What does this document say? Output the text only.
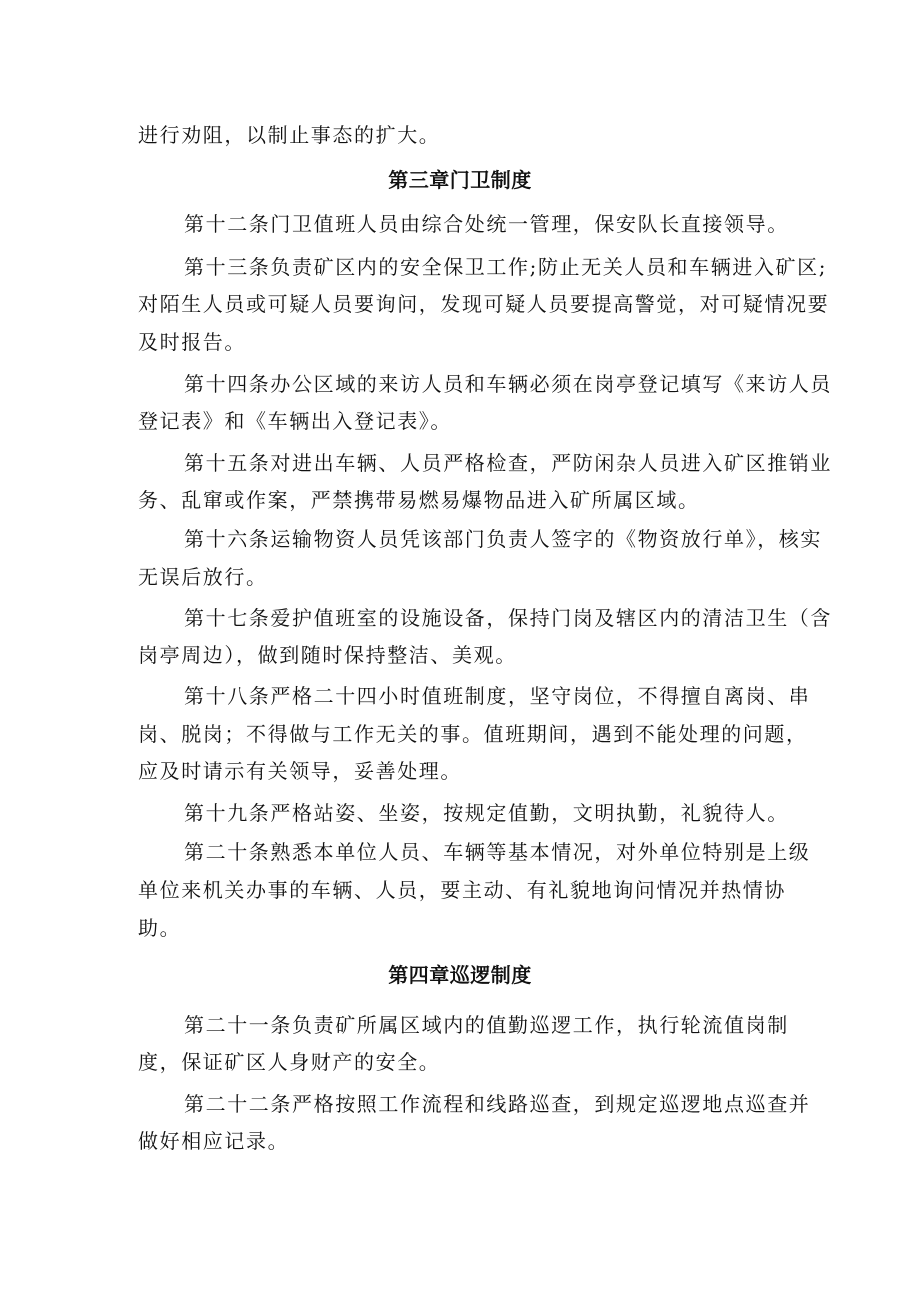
进行劝阻，以制止事态的扩大。
第三章门卫制度
第十二条门卫值班人员由综合处统一管理，保安队长直接领导。
第十三条负责矿区内的安全保卫工作;防止无关人员和车辆进入矿区;
对陌生人员或可疑人员要询问，发现可疑人员要提高警觉，对可疑情况要
及时报告。
第十四条办公区域的来访人员和车辆必须在岗亭登记填写《来访人员
登记表》和《车辆出入登记表》。
第十五条对进出车辆、人员严格检查，严防闲杂人员进入矿区推销业
务、乱窜或作案，严禁携带易燃易爆物品进入矿所属区域。
第十六条运输物资人员凭该部门负责人签字的《物资放行单》，核实
无误后放行。
第十七条爱护值班室的设施设备，保持门岗及辖区内的清洁卫生（含
岗亭周边），做到随时保持整洁、美观。
第十八条严格二十四小时值班制度，坚守岗位，不得擅自离岗、串
岗、脱岗；不得做与工作无关的事。值班期间，遇到不能处理的问题，
应及时请示有关领导，妥善处理。
第十九条严格站姿、坐姿，按规定值勤，文明执勤，礼貌待人。
第二十条熟悉本单位人员、车辆等基本情况，对外单位特别是上级
单位来机关办事的车辆、人员，要主动、有礼貌地询问情况并热情协
助。
第四章巡逻制度
第二十一条负责矿所属区域内的值勤巡逻工作，执行轮流值岗制
度，保证矿区人身财产的安全。
第二十二条严格按照工作流程和线路巡查，到规定巡逻地点巡查并
做好相应记录。
